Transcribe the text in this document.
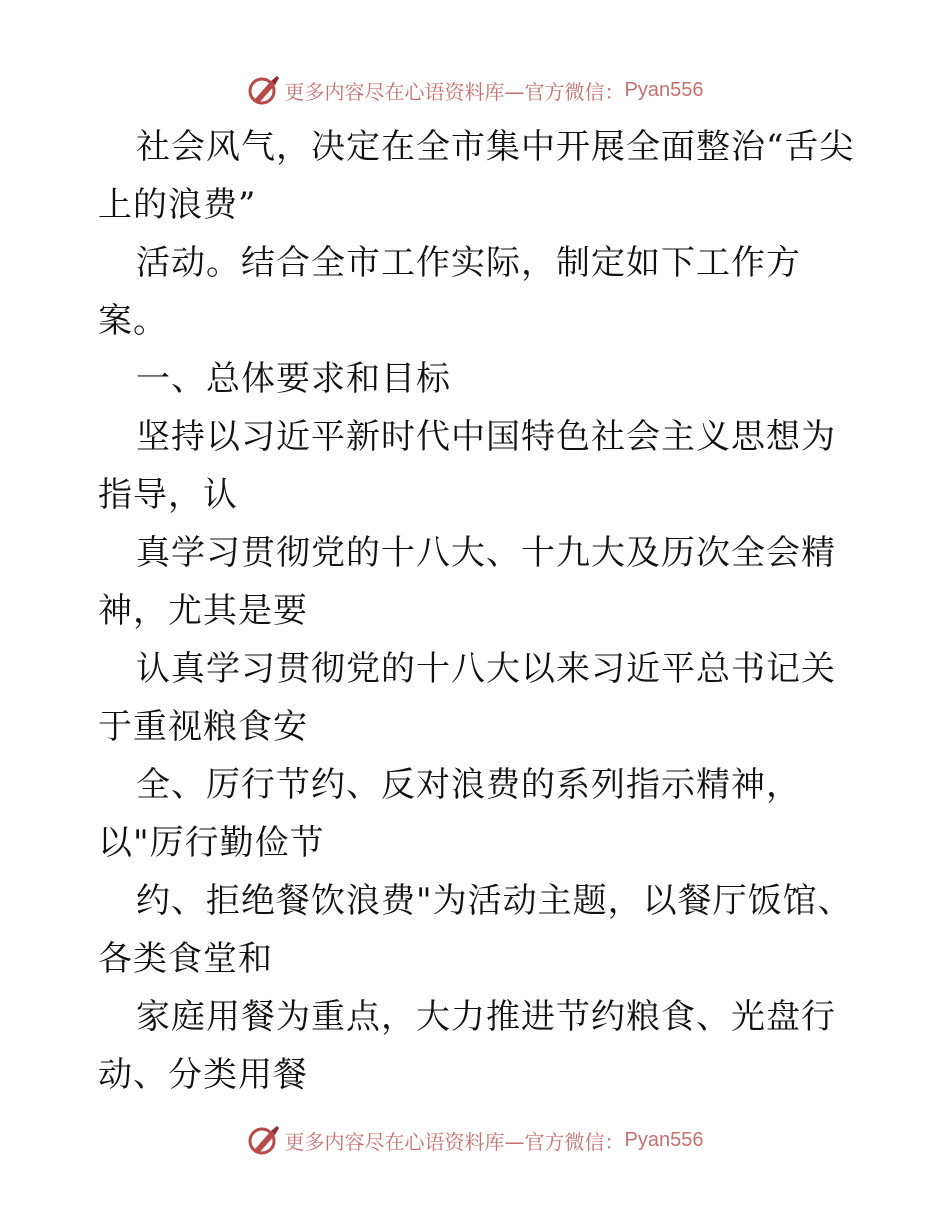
更多内容尽在心语资料库—官方微信： Pyan556

社会风气，决定在全市集中开展全面整治“舌尖上的浪费”

活动。结合全市工作实际，制定如下工作方案。

一、总体要求和目标

坚持以习近平新时代中国特色社会主义思想为指导，认

真学习贯彻党的十八大、十九大及历次全会精神，尤其是要

认真学习贯彻党的十八大以来习近平总书记关于重视粮食安

全、厉行节约、反对浪费的系列指示精神，以"厉行勤俭节

约、拒绝餐饮浪费"为活动主题，以餐厅饭馆、各类食堂和

家庭用餐为重点，大力推进节约粮食、光盘行动、分类用餐

更多内容尽在心语资料库—官方微信： Pyan556
